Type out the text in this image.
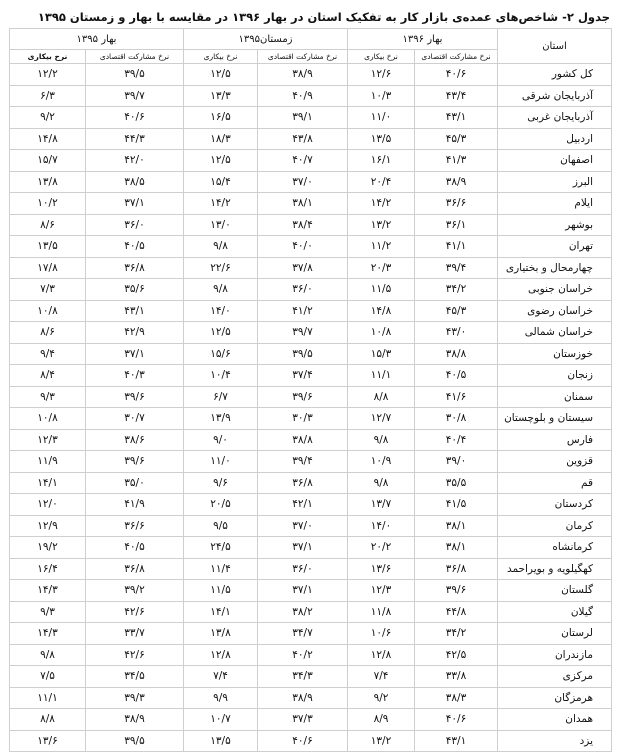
جدول ۲- شاخص‌های عمده‌ی بازار کار به تفکیک استان در بهار ۱۳۹۶ در مقایسه با بهار و زمستان ۱۳۹۵
استان	بهار ۱۳۹۶		زمستان۱۳۹۵		بهار ۱۳۹۵	
	نرخ مشارکت اقتصادی	نرخ بیکاری	نرخ مشارکت اقتصادی	نرخ بیکاری	نرخ مشارکت اقتصادی	نرخ بیکاری
کل کشور	۴۰/۶	۱۲/۶	۳۸/۹	۱۲/۵	۳۹/۵	۱۲/۲
آذربایجان شرقی	۴۳/۴	۱۰/۳	۴۰/۹	۱۳/۳	۳۹/۷	۶/۳
آذربایجان غربی	۴۳/۱	۱۱/۰	۳۹/۱	۱۶/۵	۴۰/۶	۹/۲
اردبیل	۴۵/۳	۱۳/۵	۴۳/۸	۱۸/۳	۴۴/۳	۱۴/۸
اصفهان	۴۱/۳	۱۶/۱	۴۰/۷	۱۲/۵	۴۲/۰	۱۵/۷
البرز	۳۸/۹	۲۰/۴	۳۷/۰	۱۵/۴	۳۸/۵	۱۳/۸
ایلام	۳۶/۶	۱۴/۲	۳۸/۱	۱۴/۲	۳۷/۱	۱۰/۲
بوشهر	۳۶/۱	۱۳/۲	۳۸/۴	۱۳/۰	۳۶/۰	۸/۶
تهران	۴۱/۱	۱۱/۲	۴۰/۰	۹/۸	۴۰/۵	۱۳/۵
چهارمحال و بختیاری	۳۹/۴	۲۰/۳	۳۷/۸	۲۲/۶	۳۶/۸	۱۷/۸
خراسان جنوبی	۳۴/۲	۱۱/۵	۳۶/۰	۹/۸	۳۵/۶	۷/۳
خراسان رضوی	۴۵/۳	۱۴/۸	۴۱/۲	۱۴/۰	۴۳/۱	۱۰/۸
خراسان شمالی	۴۳/۰	۱۰/۸	۳۹/۷	۱۲/۵	۴۲/۹	۸/۶
خوزستان	۳۸/۸	۱۵/۳	۳۹/۵	۱۵/۶	۳۷/۱	۹/۴
زنجان	۴۰/۵	۱۱/۱	۳۷/۴	۱۰/۴	۴۰/۳	۸/۴
سمنان	۴۱/۶	۸/۸	۳۹/۶	۶/۷	۳۹/۶	۹/۳
سیستان و بلوچستان	۳۰/۸	۱۲/۷	۳۰/۳	۱۳/۹	۳۰/۷	۱۰/۸
فارس	۴۰/۴	۹/۸	۳۸/۸	۹/۰	۳۸/۶	۱۲/۳
قزوین	۳۹/۰	۱۰/۹	۳۹/۴	۱۱/۰	۳۹/۶	۱۱/۹
قم	۳۵/۵	۹/۸	۳۶/۸	۹/۶	۳۵/۰	۱۴/۱
کردستان	۴۱/۵	۱۳/۷	۴۲/۱	۲۰/۵	۴۱/۹	۱۲/۰
کرمان	۳۸/۱	۱۴/۰	۳۷/۰	۹/۵	۳۶/۶	۱۲/۹
کرمانشاه	۳۸/۱	۲۰/۲	۳۷/۱	۲۴/۵	۴۰/۵	۱۹/۲
کهگیلویه و بویراحمد	۳۶/۸	۱۳/۶	۳۶/۰	۱۱/۴	۳۶/۸	۱۶/۴
گلستان	۳۹/۶	۱۲/۳	۳۷/۱	۱۱/۵	۳۹/۲	۱۴/۳
گیلان	۴۴/۸	۱۱/۸	۳۸/۲	۱۴/۱	۴۲/۶	۹/۳
لرستان	۳۴/۲	۱۰/۶	۳۴/۷	۱۳/۸	۳۳/۷	۱۴/۳
مازندران	۴۲/۵	۱۲/۸	۴۰/۲	۱۲/۸	۴۲/۶	۹/۸
مرکزی	۳۳/۸	۷/۴	۳۴/۳	۷/۴	۳۴/۵	۷/۵
هرمزگان	۳۸/۳	۹/۲	۳۸/۹	۹/۹	۳۹/۳	۱۱/۱
همدان	۴۰/۶	۸/۹	۳۷/۳	۱۰/۷	۳۸/۹	۸/۸
یزد	۴۳/۱	۱۳/۲	۴۰/۶	۱۳/۵	۳۹/۵	۱۳/۶
